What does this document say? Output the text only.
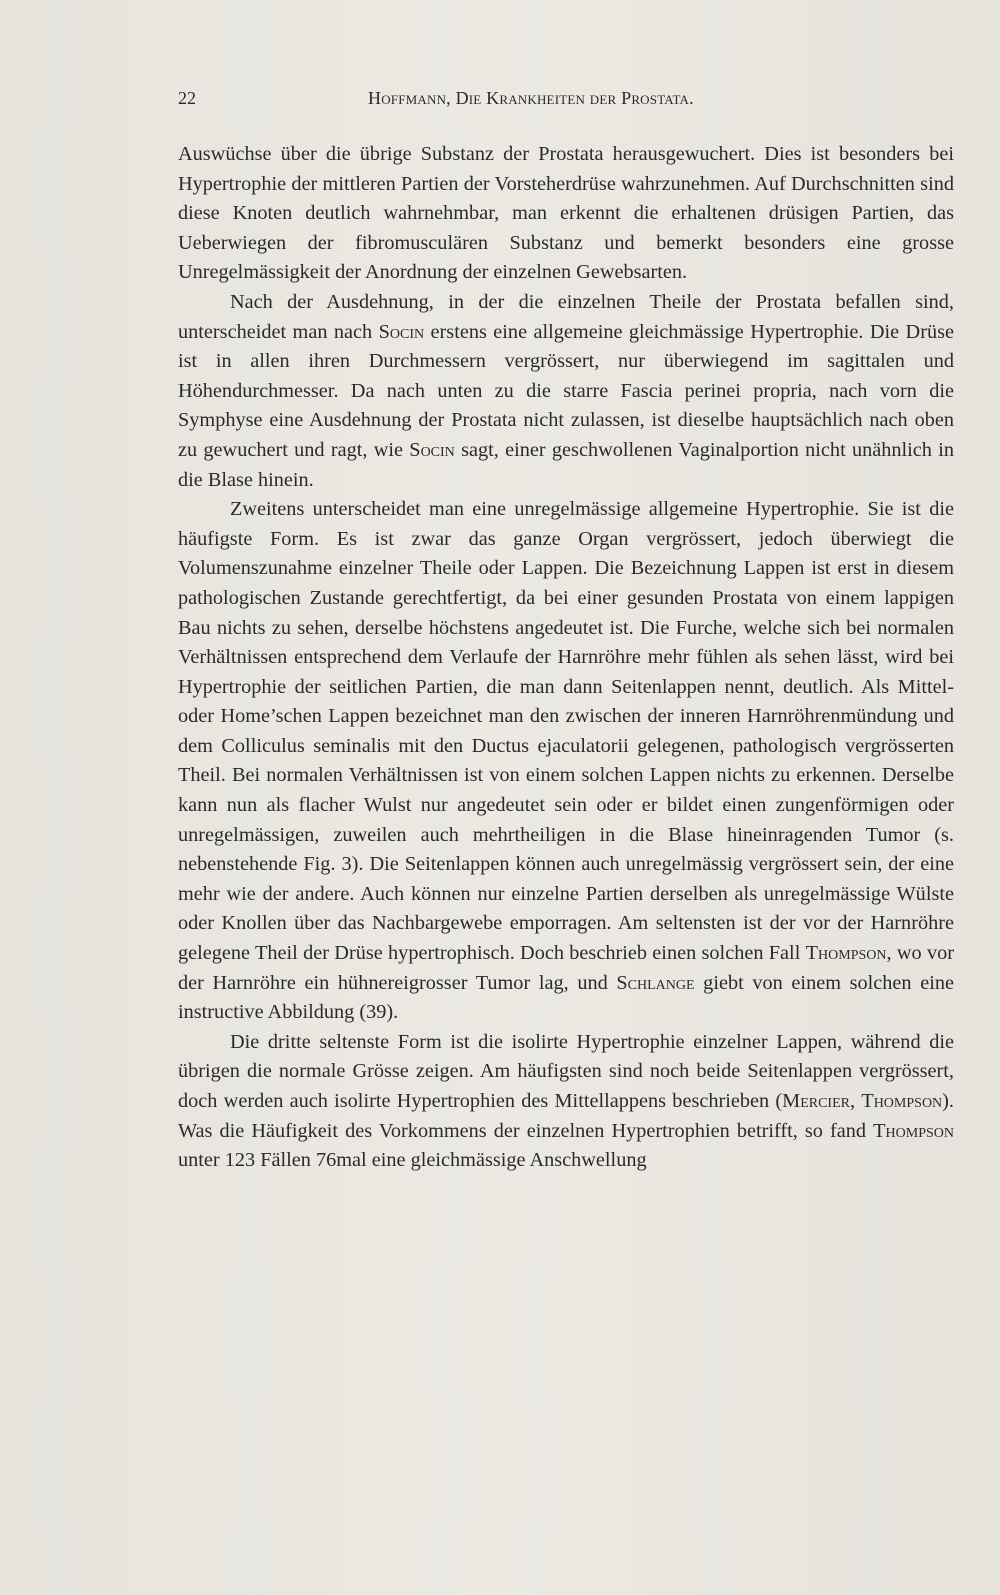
22	Hoffmann, Die Krankheiten der Prostata.

Auswüchse über die übrige Substanz der Prostata herausgewuchert. Dies ist besonders bei Hypertrophie der mittleren Partien der Vorsteherdrüse wahrzunehmen. Auf Durchschnitten sind diese Knoten deutlich wahrnehmbar, man erkennt die erhaltenen drüsigen Partien, das Ueberwiegen der fibromusculären Substanz und bemerkt besonders eine grosse Unregelmässigkeit der Anordnung der einzelnen Gewebsarten.

Nach der Ausdehnung, in der die einzelnen Theile der Prostata befallen sind, unterscheidet man nach Socin erstens eine allgemeine gleichmässige Hypertrophie. Die Drüse ist in allen ihren Durchmessern vergrössert, nur überwiegend im sagittalen und Höhendurchmesser. Da nach unten zu die starre Fascia perinei propria, nach vorn die Symphyse eine Ausdehnung der Prostata nicht zulassen, ist dieselbe hauptsächlich nach oben zu gewuchert und ragt, wie Socin sagt, einer geschwollenen Vaginalportion nicht unähnlich in die Blase hinein.

Zweitens unterscheidet man eine unregelmässige allgemeine Hypertrophie. Sie ist die häufigste Form. Es ist zwar das ganze Organ vergrössert, jedoch überwiegt die Volumenszunahme einzelner Theile oder Lappen. Die Bezeichnung Lappen ist erst in diesem pathologischen Zustande gerechtfertigt, da bei einer gesunden Prostata von einem lappigen Bau nichts zu sehen, derselbe höchstens angedeutet ist. Die Furche, welche sich bei normalen Verhältnissen entsprechend dem Verlaufe der Harnröhre mehr fühlen als sehen lässt, wird bei Hypertrophie der seitlichen Partien, die man dann Seitenlappen nennt, deutlich. Als Mittel- oder Home’schen Lappen bezeichnet man den zwischen der inneren Harnröhrenmündung und dem Colliculus seminalis mit den Ductus ejaculatorii gelegenen, pathologisch vergrösserten Theil. Bei normalen Verhältnissen ist von einem solchen Lappen nichts zu erkennen. Derselbe kann nun als flacher Wulst nur angedeutet sein oder er bildet einen zungenförmigen oder unregelmässigen, zuweilen auch mehrtheiligen in die Blase hineinragenden Tumor (s. nebenstehende Fig. 3). Die Seitenlappen können auch unregelmässig vergrössert sein, der eine mehr wie der andere. Auch können nur einzelne Partien derselben als unregelmässige Wülste oder Knollen über das Nachbargewebe emporragen. Am seltensten ist der vor der Harnröhre gelegene Theil der Drüse hypertrophisch. Doch beschrieb einen solchen Fall Thompson, wo vor der Harnröhre ein hühnereigrosser Tumor lag, und Schlange giebt von einem solchen eine instructive Abbildung (39).

Die dritte seltenste Form ist die isolirte Hypertrophie einzelner Lappen, während die übrigen die normale Grösse zeigen. Am häufigsten sind noch beide Seitenlappen vergrössert, doch werden auch isolirte Hypertrophien des Mittellappens beschrieben (Mercier, Thompson). Was die Häufigkeit des Vorkommens der einzelnen Hypertrophien betrifft, so fand Thompson unter 123 Fällen 76mal eine gleichmässige Anschwellung
